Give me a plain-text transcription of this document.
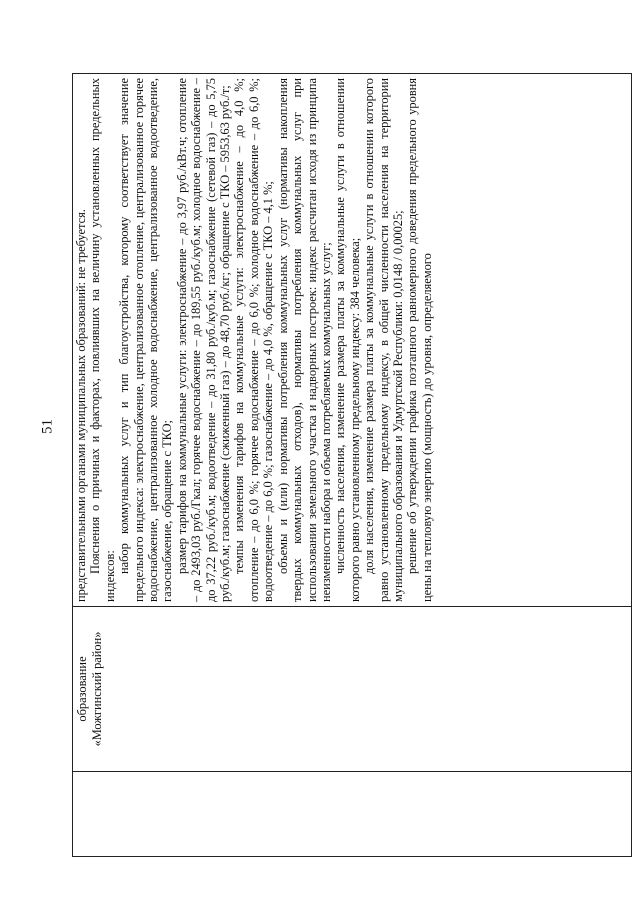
51

образование «Можгинский район»

представительными органами муниципальных образований: не требуется. Пояснения о причинах и факторах, повлиявших на величину установленных предельных индексов:

набор коммунальных услуг и тип благоустройства, которому соответствует значение предельного индекса: электроснабжение, централизованное отопление, централизованное горячее водоснабжение, централизованное холодное водоснабжение, централизованное водоотведение, газоснабжение, обращение с ТКО; размер тарифов на коммунальные услуги: электроснабжение – до 3,97 руб./кВт.ч; отопление – до 2493,03 руб./Гкал; горячее водоснабжение – до 189,55 руб./куб.м; холодное водоснабжение – до 37,22 руб./куб.м; водоотведение – до 31,80 руб./куб.м; газоснабжение (сетевой газ) – до 5,75 руб./куб.м; газоснабжение (сжиженный газ) – до 48,70 руб./кг; обращение с ТКО – 5953,63 руб./т; темпы изменения тарифов на коммунальные услуги: электроснабжение – до 4,0 %; отопление – до 6,0 %; горячее водоснабжение – до 6,0 %; холодное водоснабжение – до 6,0 %; водоотведение – до 6,0 %; газоснабжение – до 4,0 %, обращение с ТКО – 4,1 %; объемы и (или) нормативы потребления коммунальных услуг (нормативы накопления твердых коммунальных отходов), нормативы потребления коммунальных услуг при использовании земельного участка и надворных построек: индекс рассчитан исходя из принципа неизменности набора и объема потребляемых коммунальных услуг; численность населения, изменение размера платы за коммунальные услуги в отношении которого равно установленному предельному индексу: 384 человека; доля населения, изменение размера платы за коммунальные услуги в отношении которого равно установленному предельному индексу, в общей численности населения на территории муниципального образования и Удмуртской Республики: 0,0148 / 0,00025; решение об утверждении графика поэтапного равномерного доведения предельного уровня цены на тепловую энергию (мощность) до уровня, определяемого
